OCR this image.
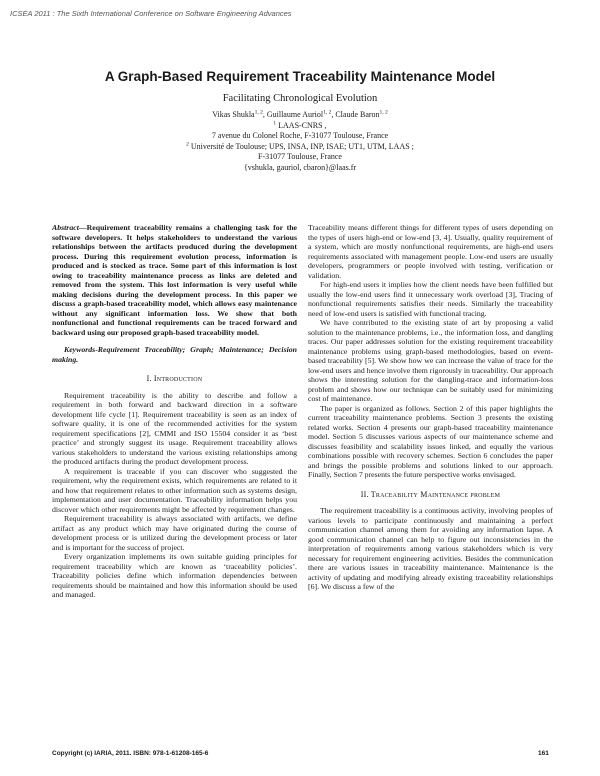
ICSEA 2011 : The Sixth International Conference on Software Engineering Advances
A Graph-Based Requirement Traceability Maintenance Model
Facilitating Chronological Evolution
Vikas Shukla$^{1, 2}$, Guillaume Auriol$^{1, 2}$, Claude Baron$^{1, 2}$
$^1$ LAAS-CNRS ,
7 avenue du Colonel Roche, F-31077 Toulouse, France
$^2$ Université de Toulouse; UPS, INSA, INP, ISAE; UT1, UTM, LAAS ;
F-31077 Toulouse, France
{vshukla, gauriol, cbaron}@laas.fr

Abstract—Requirement traceability remains a challenging task for the software developers. It helps stakeholders to understand the various relationships between the artifacts produced during the development process. During this requirement evolution process, information is produced and is stocked as trace. Some part of this information is lost owing to traceability maintenance process as links are deleted and removed from the system. This lost information is very useful while making decisions during the development process. In this paper we discuss a graph-based traceability model, which allows easy maintenance without any significant information loss. We show that both nonfunctional and functional requirements can be traced forward and backward using our proposed graph-based traceability model.

Keywords-Requirement Traceability; Graph; Maintenance; Decision making.

I. Introduction

Requirement traceability is the ability to describe and follow a requirement in both forward and backward direction in a software development life cycle [1]. Requirement traceability is seen as an index of software quality, it is one of the recommended activities for the system requirement specifications [2], CMMI and ISO 15504 consider it as ‘best practice’ and strongly suggest its usage. Requirement traceability allows various stakeholders to understand the various existing relationships among the produced artifacts during the product development process.

A requirement is traceable if you can discover who suggested the requirement, why the requirement exists, which requirements are related to it and how that requirement relates to other information such as systems design, implementation and user documentation. Traceability information helps you discover which other requirements might be affected by requirement changes.

Requirement traceability is always associated with artifacts, we define artifact as any product which may have originated during the course of development process or is utilized during the development process or later and is important for the success of project.

Every organization implements its own suitable guiding principles for requirement traceability which are known as ‘traceability policies’. Traceability policies define which information dependencies between requirements should be maintained and how this information should be used and managed.

Traceability means different things for different types of users depending on the types of users high-end or low-end [3, 4]. Usually, quality requirement of a system, which are mostly nonfunctional requirements, are high-end users requirements associated with management people. Low-end users are usually developers, programmers or people involved with testing, verification or validation.

For high-end users it implies how the client needs have been fulfilled but usually the low-end users find it unnecessary work overload [3], Tracing of nonfunctional requirements satisfies their needs. Similarly the traceability need of low-end users is satisfied with functional tracing.

We have contributed to the existing state of art by proposing a valid solution to the maintenance problems, i.e., the information loss, and dangling traces. Our paper addresses solution for the existing requirement traceability maintenance problems using graph-based methodologies, based on event-based traceability [5]. We show how we can increase the value of trace for the low-end users and hence involve them rigorously in traceability. Our approach shows the interesting solution for the dangling-trace and information-loss problem and shows how our technique can be suitably used for minimizing cost of maintenance.

The paper is organized as follows. Section 2 of this paper highlights the current traceability maintenance problems. Section 3 presents the existing related works. Section 4 presents our graph-based traceability maintenance model. Section 5 discusses various aspects of our maintenance scheme and discusses feasibility and scalability issues linked, and equally the various combinations possible with recovery schemes. Section 6 concludes the paper and brings the possible problems and solutions linked to our approach. Finally, Section 7 presents the future perspective works envisaged.

II. Traceability Maintenance problem

The requirement traceability is a continuous activity, involving peoples of various levels to participate continuously and maintaining a perfect communication channel among them for avoiding any information lapse. A good communication channel can help to figure out inconsistencies in the interpretation of requirements among various stakeholders which is very necessary for requirement engineering activities. Besides the communication there are various issues in traceability maintenance. Maintenance is the activity of updating and modifying already existing traceability relationships [6]. We discuss a few of the

Copyright (c) IARIA, 2011. ISBN: 978-1-61208-165-6	161
